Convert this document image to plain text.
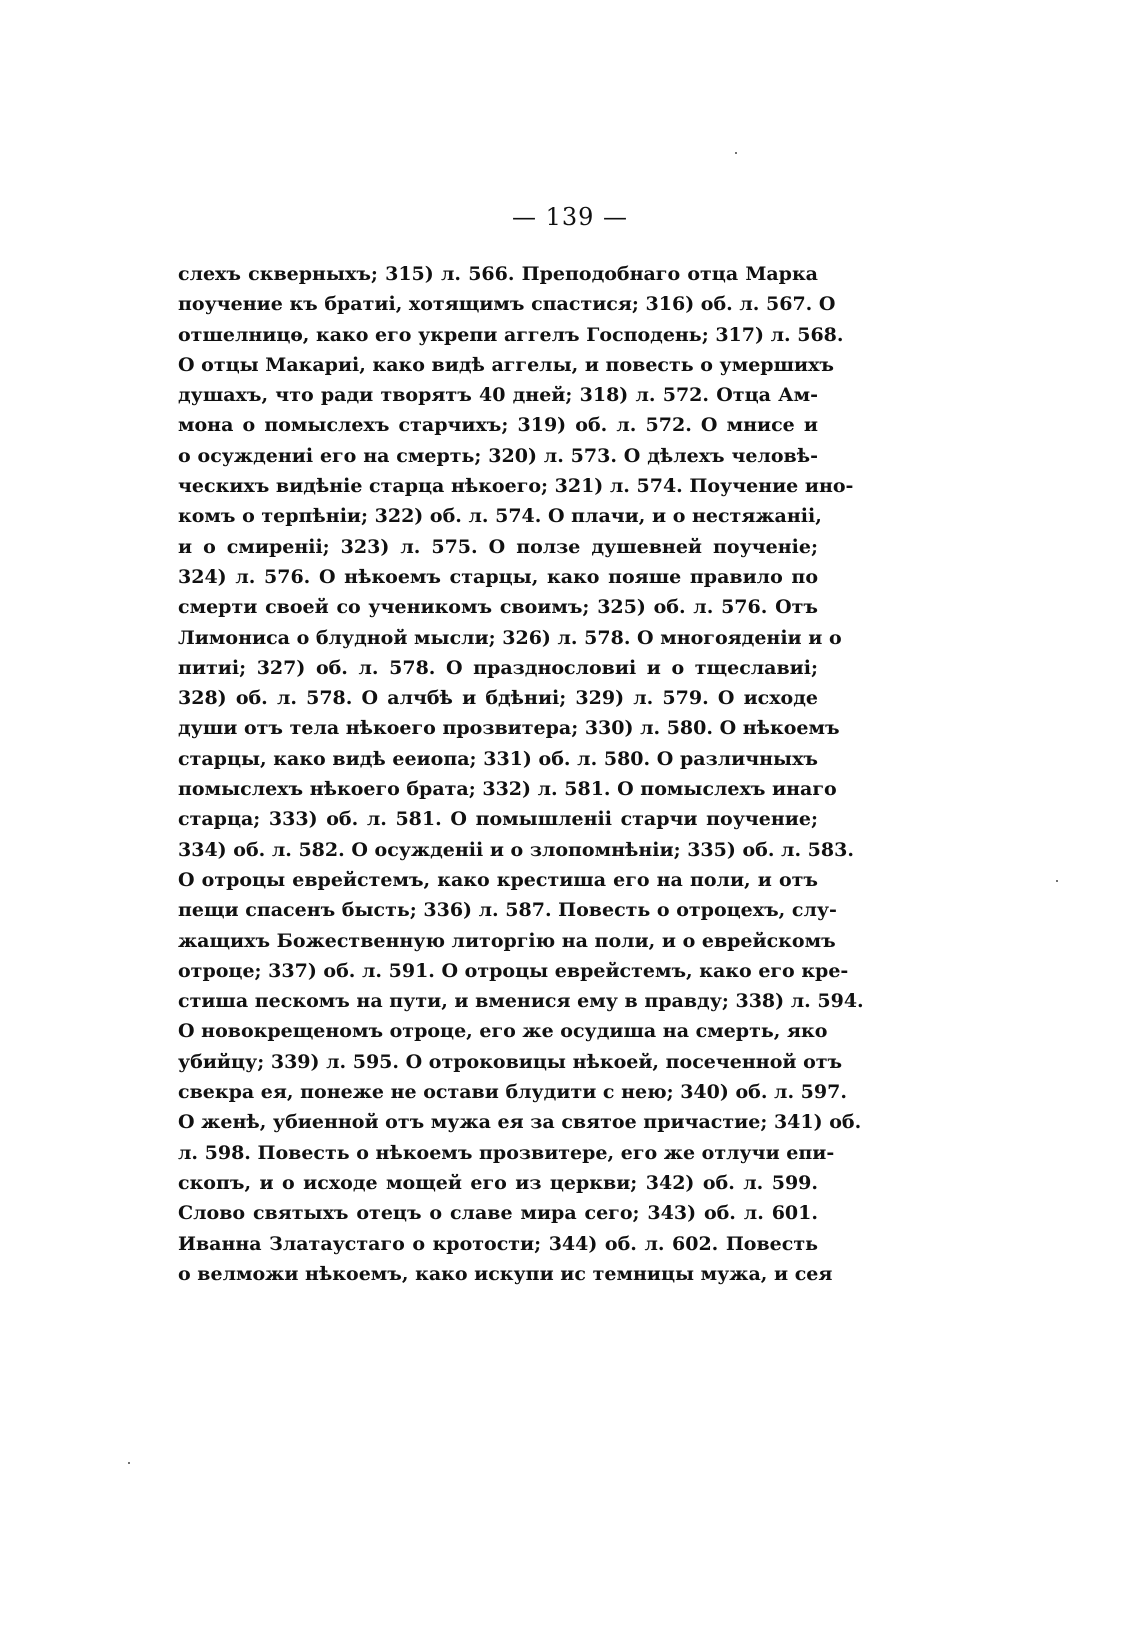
— 139 —
слехъ скверныхъ; 315) л. 566. Преподобнаго отца Марка
поучение къ братиі, хотящимъ спастися; 316) об. л. 567. О
отшелницѳ, како его укрепи аггелъ Господень; 317) л. 568.
О отцы Макариі, како видѣ аггелы, и повесть о умершихъ
душахъ, что ради творятъ 40 дней; 318) л. 572. Отца Ам-
мона о помыслехъ старчихъ; 319) об. л. 572. О мнисе и
о осуждениі его на смерть; 320) л. 573. О дѣлехъ человѣ-
ческихъ видѣніе старца нѣкоего; 321) л. 574. Поучение ино-
комъ о терпѣніи; 322) об. л. 574. О плачи, и о нестяжаніі,
и о смиреніі; 323) л. 575. О ползе душевней поученіе;
324) л. 576. О нѣкоемъ старцы, како пояше правило по
смерти своей со ученикомъ своимъ; 325) об. л. 576. Отъ
Лимониса о блудной мысли; 326) л. 578. О многояденіи и о
питиі; 327) об. л. 578. О празднословиі и о тщеславиі;
328) об. л. 578. О алчбѣ и бдѣниі; 329) л. 579. О исходе
души отъ тела нѣкоего прозвитера; 330) л. 580. О нѣкоемъ
старцы, како видѣ ееиопа; 331) об. л. 580. О различныхъ
помыслехъ нѣкоего брата; 332) л. 581. О помыслехъ инаго
старца; 333) об. л. 581. О помышленіі старчи поучение;
334) об. л. 582. О осужденіі и о злопомнѣніи; 335) об. л. 583.
О отроцы еврейстемъ, како крестиша его на поли, и отъ
пещи спасенъ бысть; 336) л. 587. Повесть о отроцехъ, слу-
жащихъ Божественную литоргію на поли, и о еврейскомъ
отроце; 337) об. л. 591. О отроцы еврейстемъ, како его кре-
стиша пескомъ на пути, и вменися ему в правду; 338) л. 594.
О новокрещеномъ отроце, его же осудиша на смерть, яко
убийцу; 339) л. 595. О отроковицы нѣкоей, посеченной отъ
свекра ея, понеже не остави блудити с нею; 340) об. л. 597.
О женѣ, убиенной отъ мужа ея за святое причастие; 341) об.
л. 598. Повесть о нѣкоемъ прозвитере, его же отлучи епи-
скопъ, и о исходе мощей его из церкви; 342) об. л. 599.
Слово святыхъ отецъ о славе мира сего; 343) об. л. 601.
Иванна Златаустаго о кротости; 344) об. л. 602. Повесть
о велможи нѣкоемъ, како искупи ис темницы мужа, и сея
